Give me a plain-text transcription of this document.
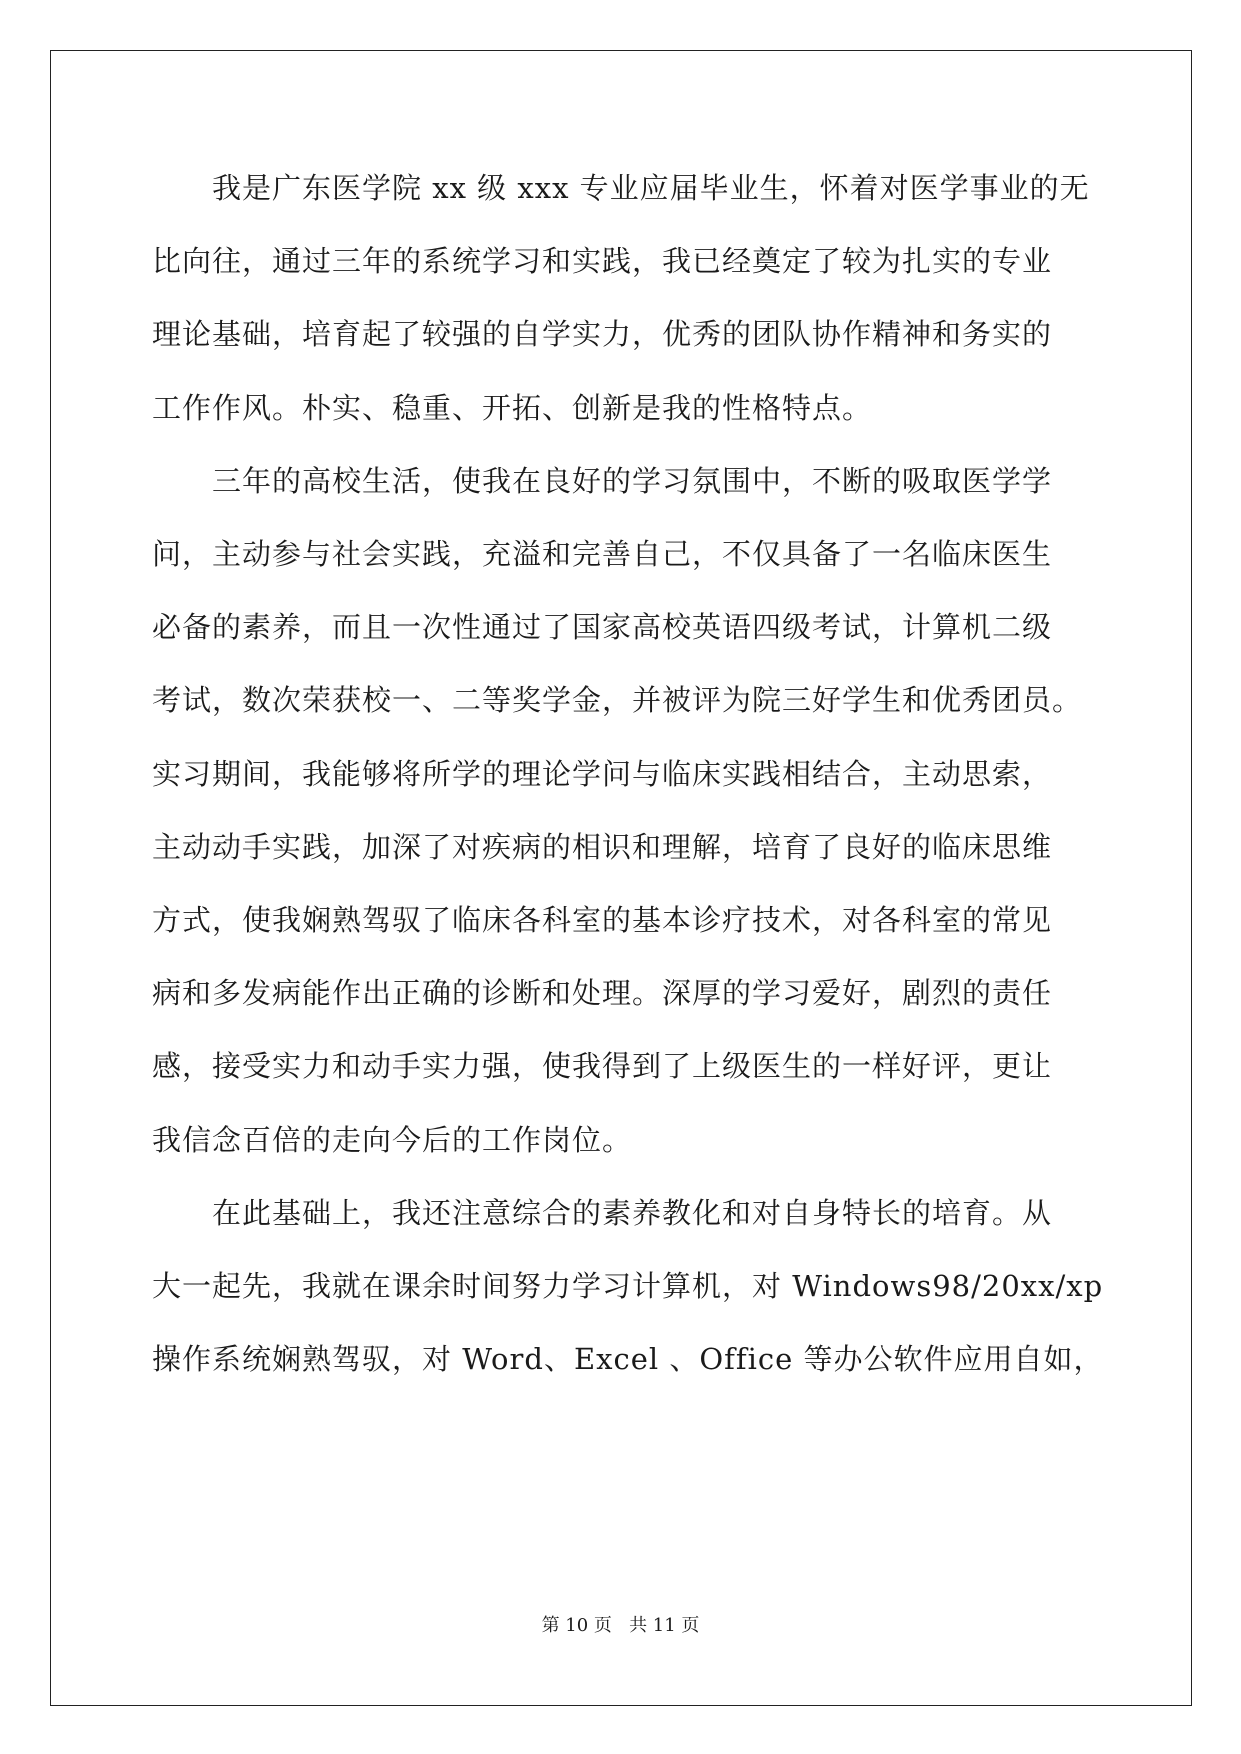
我是广东医学院 xx 级 xxx 专业应届毕业生，怀着对医学事业的无
比向往，通过三年的系统学习和实践，我已经奠定了较为扎实的专业
理论基础，培育起了较强的自学实力，优秀的团队协作精神和务实的
工作作风。朴实、稳重、开拓、创新是我的性格特点。
三年的高校生活，使我在良好的学习氛围中，不断的吸取医学学
问，主动参与社会实践，充溢和完善自己，不仅具备了一名临床医生
必备的素养，而且一次性通过了国家高校英语四级考试，计算机二级
考试，数次荣获校一、二等奖学金，并被评为院三好学生和优秀团员。
实习期间，我能够将所学的理论学问与临床实践相结合，主动思索，
主动动手实践，加深了对疾病的相识和理解，培育了良好的临床思维
方式，使我娴熟驾驭了临床各科室的基本诊疗技术，对各科室的常见
病和多发病能作出正确的诊断和处理。深厚的学习爱好，剧烈的责任
感，接受实力和动手实力强，使我得到了上级医生的一样好评，更让
我信念百倍的走向今后的工作岗位。
在此基础上，我还注意综合的素养教化和对自身特长的培育。从
大一起先，我就在课余时间努力学习计算机，对 Windows98/20xx/xp
操作系统娴熟驾驭，对 Word、Excel 、Office 等办公软件应用自如，
第 10 页   共 11 页
